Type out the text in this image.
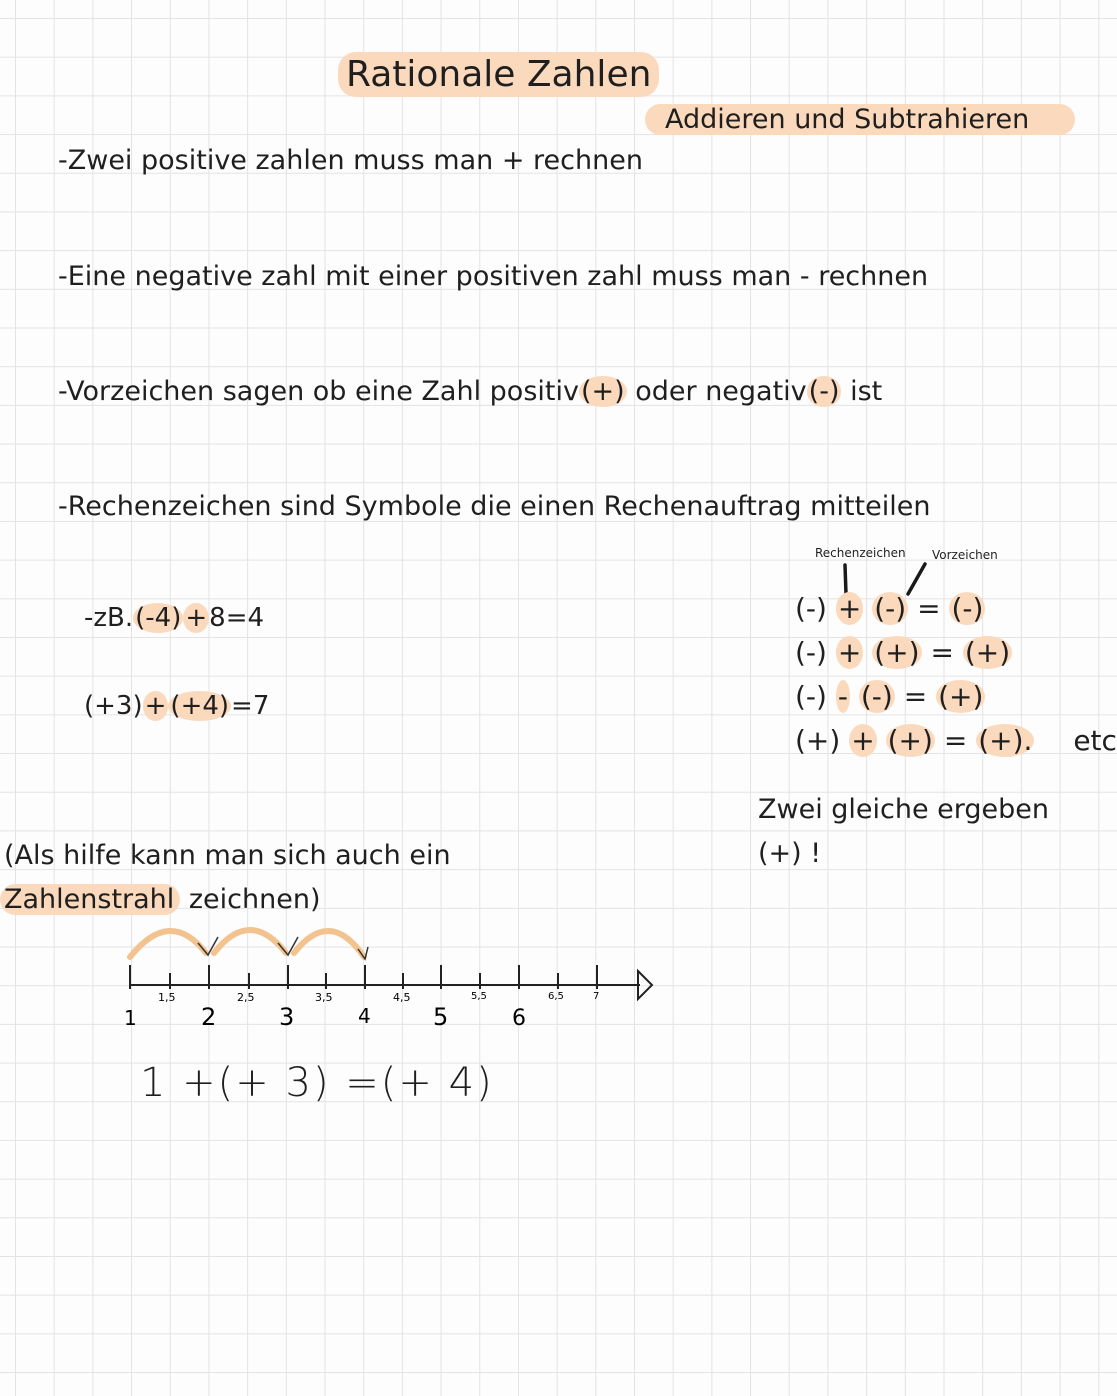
Rationale Zahlen
Addieren und Subtrahieren
-Zwei positive zahlen muss man + rechnen
-Eine negative zahl mit einer positiven zahl muss man - rechnen
-Vorzeichen sagen ob eine Zahl positiv(+) oder negativ(-) ist
-Rechenzeichen sind Symbole die einen Rechenauftrag mitteilen
-zB.(-4) +8=4
(+3)+ (+4)=7
Rechenzeichen Vorzeichen
(-) + (-) = (-)
(-) + (+) = (+)
(-) - (-) = (+)
(+) + (+) = (+). etc
Zwei gleiche ergeben
(+) !
(Als hilfe kann man sich auch ein
Zahlenstrahl zeichnen)
1,5	2,5	3,5	4,5	5,5	6,5	7
1	2	3	4	5	6
1 +(+ 3) =(+ 4)
